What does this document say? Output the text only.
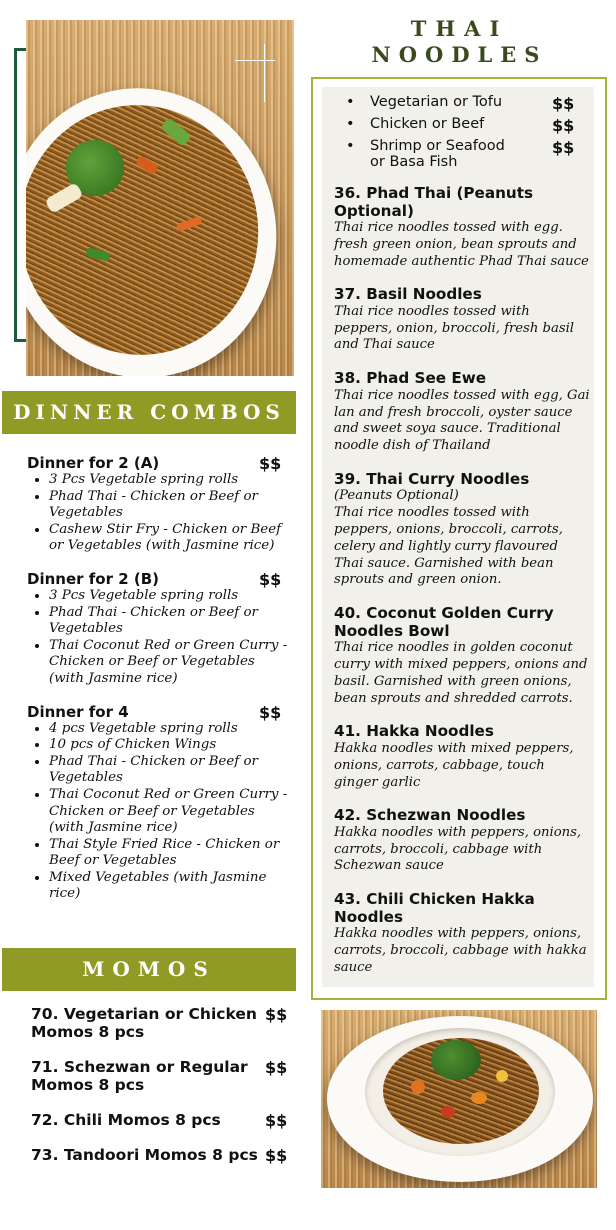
DINNER COMBOS
Dinner for 2 (A)	$$
• 3 Pcs Vegetable spring rolls
• Phad Thai - Chicken or Beef or Vegetables
• Cashew Stir Fry - Chicken or Beef or Vegetables (with Jasmine rice)
Dinner for 2 (B)	$$
• 3 Pcs Vegetable spring rolls
• Phad Thai - Chicken or Beef or Vegetables
• Thai Coconut Red or Green Curry - Chicken or Beef or Vegetables (with Jasmine rice)
Dinner for 4	$$
• 4 pcs Vegetable spring rolls
• 10 pcs of Chicken Wings
• Phad Thai - Chicken or Beef or Vegetables
• Thai Coconut Red or Green Curry - Chicken or Beef or Vegetables (with Jasmine rice)
• Thai Style Fried Rice - Chicken or Beef or Vegetables
• Mixed Vegetables (with Jasmine rice)
MOMOS
70. Vegetarian or Chicken
Momos 8 pcs
$$
71. Schezwan or Regular
Momos 8 pcs
$$
72. Chili Momos 8 pcs	$$
73. Tandoori Momos 8 pcs $$
THAI
NOODLES
• Vegetarian or Tofu	$$
• Chicken or Beef	$$
• Shrimp or Seafood
or Basa Fish
$$
36. Phad Thai (Peanuts
Optional)
Thai rice noodles tossed with egg. fresh green onion, bean sprouts and homemade authentic Phad Thai sauce
37. Basil Noodles
Thai rice noodles tossed with peppers, onion, broccoli, fresh basil and Thai sauce
38. Phad See Ewe
Thai rice noodles tossed with egg, Gai lan and fresh broccoli, oyster sauce and sweet soya sauce. Traditional noodle dish of Thailand
39. Thai Curry Noodles
(Peanuts Optional)
Thai rice noodles tossed with peppers, onions, broccoli, carrots, celery and lightly curry flavoured Thai sauce. Garnished with bean sprouts and green onion.
40. Coconut Golden Curry
Noodles Bowl
Thai rice noodles in golden coconut curry with mixed peppers, onions and basil. Garnished with green onions, bean sprouts and shredded carrots.
41. Hakka Noodles
Hakka noodles with mixed peppers, onions, carrots, cabbage, touch ginger garlic
42. Schezwan Noodles
Hakka noodles with peppers, onions, carrots, broccoli, cabbage with Schezwan sauce
43. Chili Chicken Hakka
Noodles
Hakka noodles with peppers, onions, carrots, broccoli, cabbage with hakka sauce
